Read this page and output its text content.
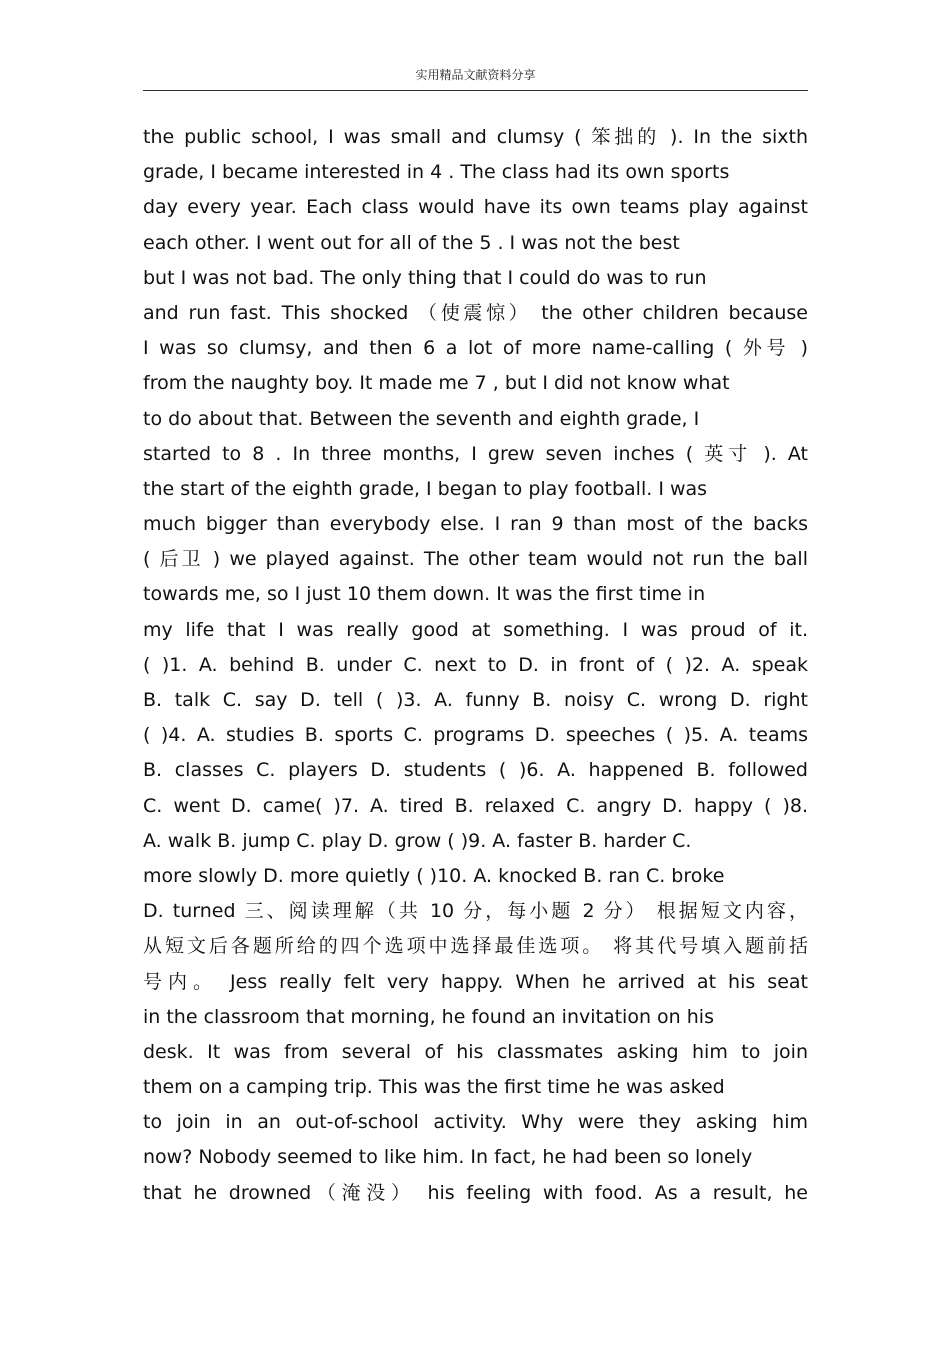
实用精品文献资料分享
the public school, I was small and clumsy ( 笨拙的 ). In the sixth
grade, I became interested in 4 . The class had its own sports
day every year. Each class would have its own teams play against
each other. I went out for all of the 5 . I was not the best
but I was not bad. The only thing that I could do was to run
and run fast. This shocked （使震惊） the other children because
I was so clumsy, and then 6 a lot of more name-calling ( 外号 )
from the naughty boy. It made me 7 , but I did not know what
to do about that. Between the seventh and eighth grade, I
started to 8 . In three months, I grew seven inches ( 英寸 ). At
the start of the eighth grade, I began to play football. I was
much bigger than everybody else. I ran 9 than most of the backs
( 后卫 ) we played against. The other team would not run the ball
towards me, so I just 10 them down. It was the first time in
my life that I was really good at something. I was proud of it.
( )1. A. behind B. under C. next to D. in front of ( )2. A. speak
B. talk C. say D. tell ( )3. A. funny B. noisy C. wrong D. right
( )4. A. studies B. sports C. programs D. speeches ( )5. A. teams
B. classes C. players D. students ( )6. A. happened B. followed
C. went D. came( )7. A. tired B. relaxed C. angry D. happy ( )8.
A. walk B. jump C. play D. grow ( )9. A. faster B. harder C.
more slowly D. more quietly ( )10. A. knocked B. ran C. broke
D. turned 三、阅读理解（共 10 分，每小题 2 分） 根据短文内容，
从短文后各题所给的四个选项中选择最佳选项。 将其代号填入题前括
号内。 Jess really felt very happy. When he arrived at his seat
in the classroom that morning, he found an invitation on his
desk. It was from several of his classmates asking him to join
them on a camping trip. This was the first time he was asked
to join in an out-of-school activity. Why were they asking him
now? Nobody seemed to like him. In fact, he had been so lonely
that he drowned（淹没） his feeling with food. As a result, he
